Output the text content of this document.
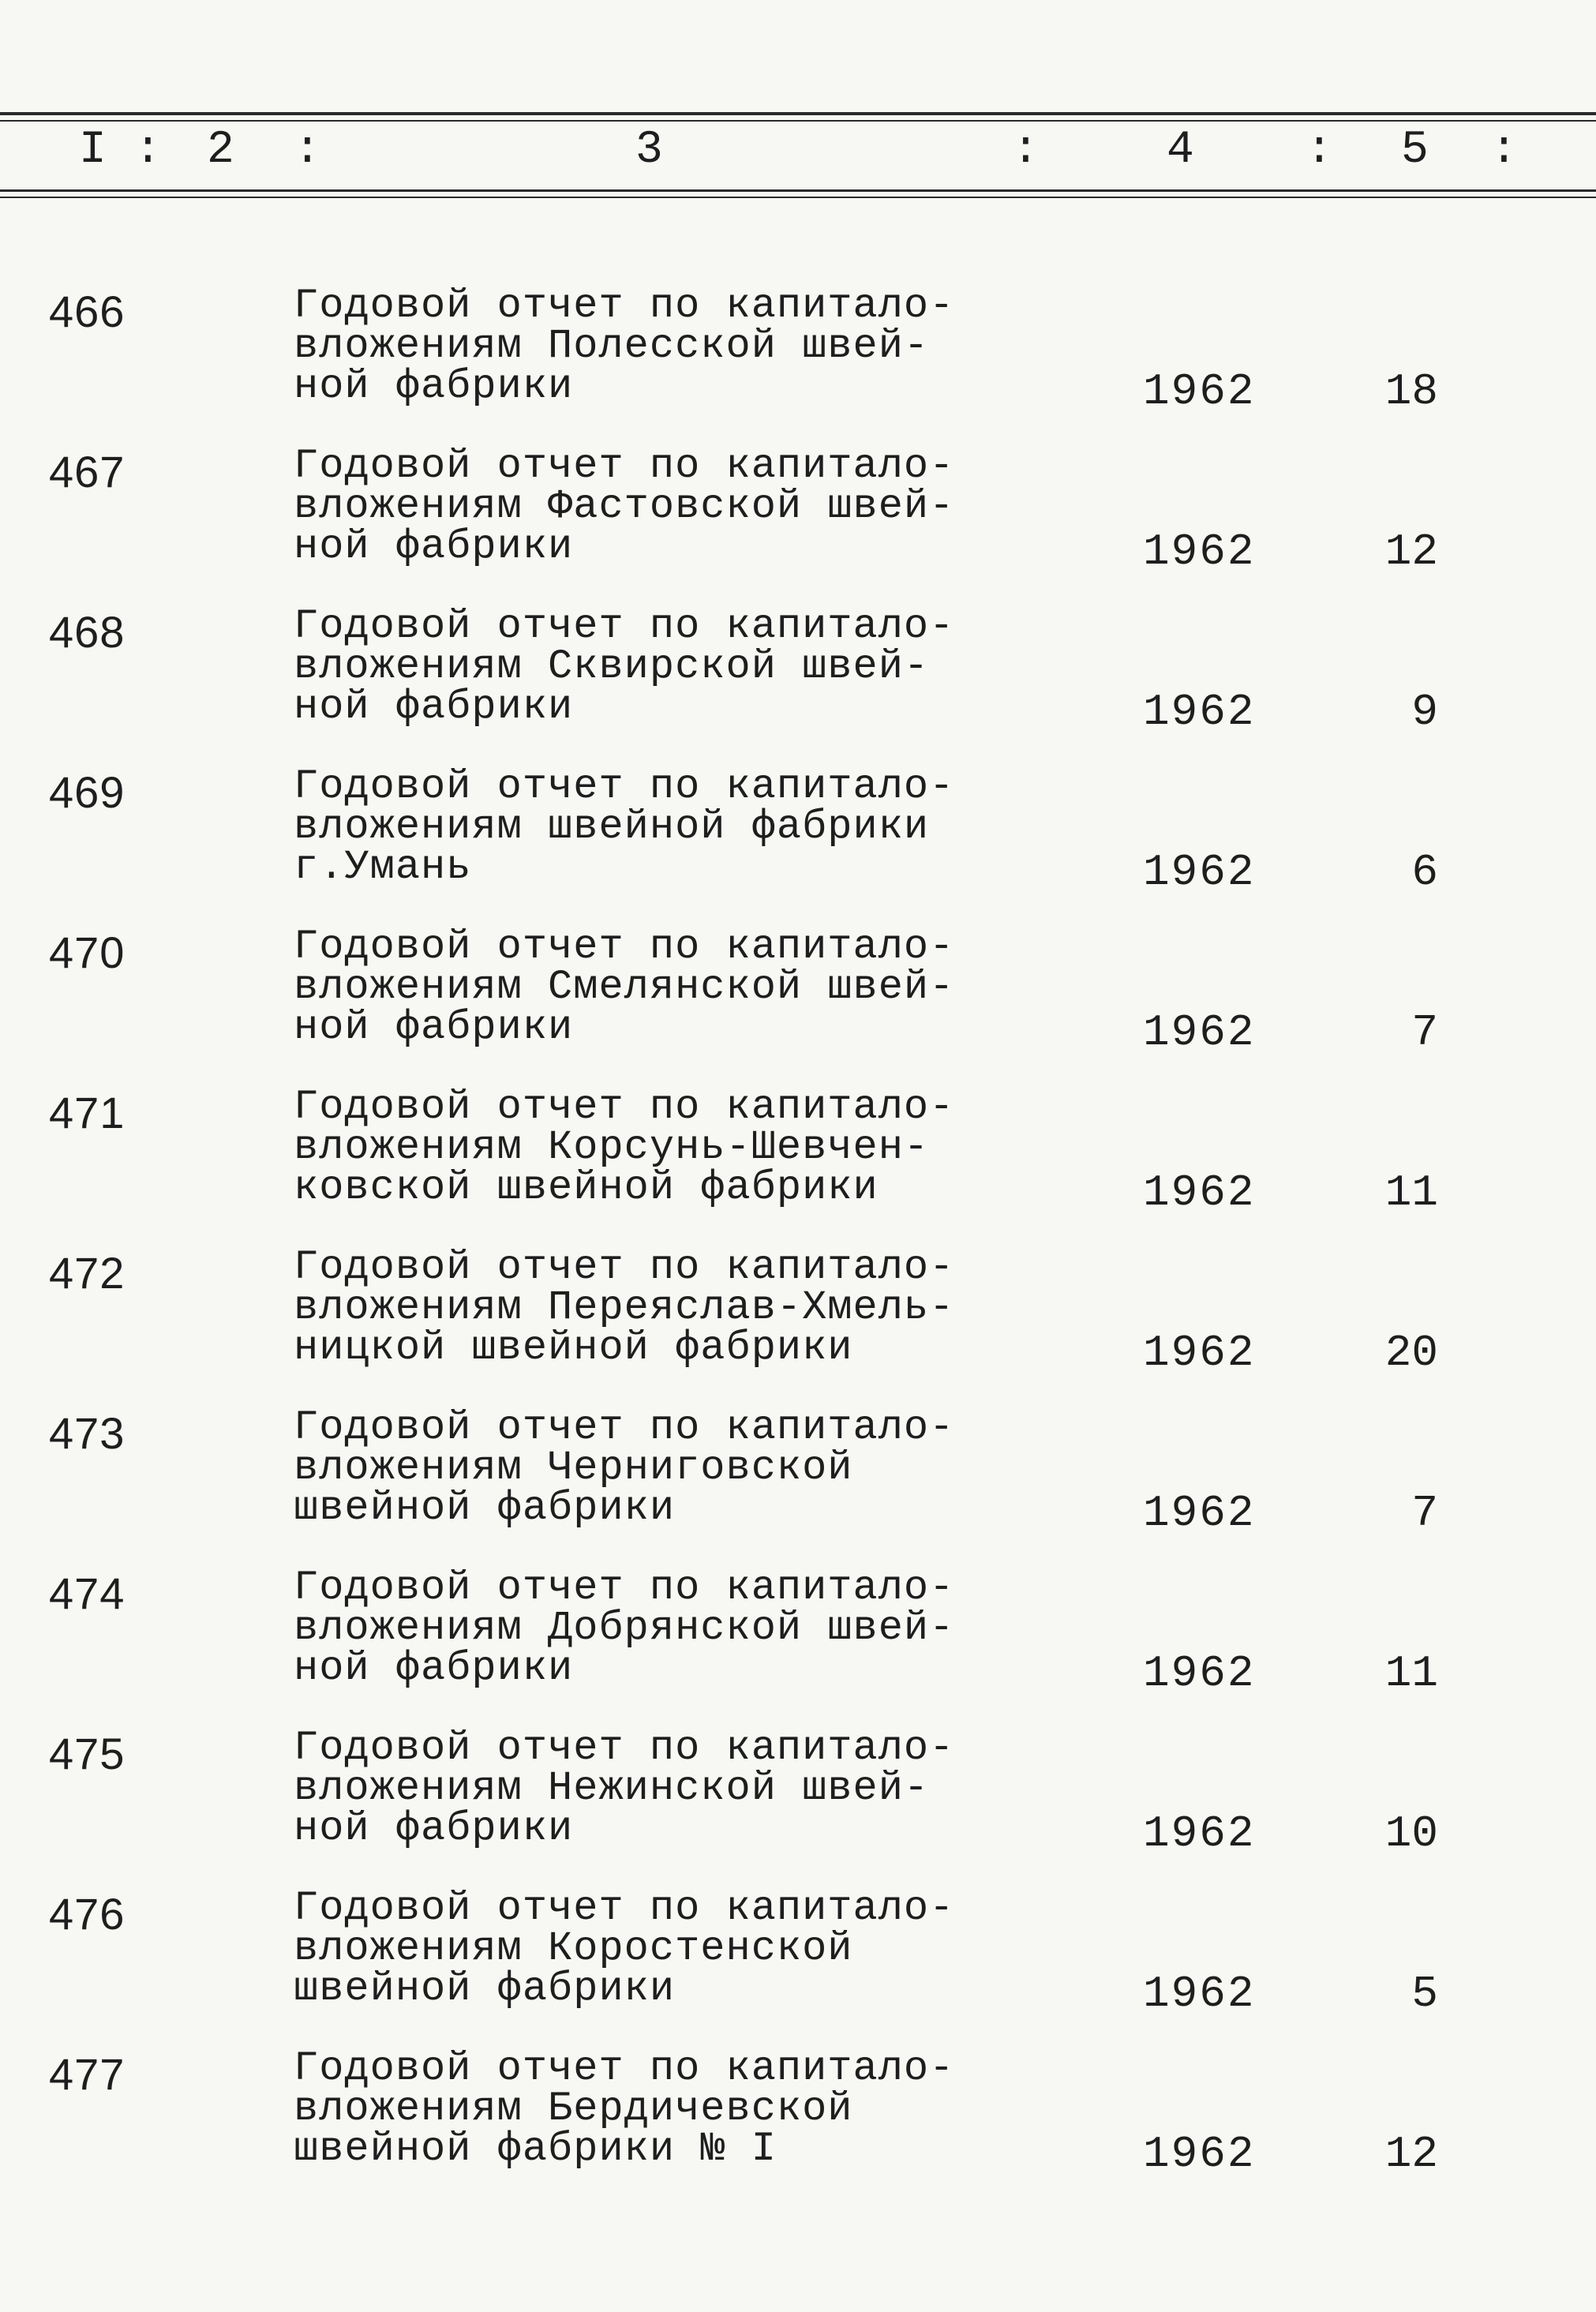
I : 2 :	3	:	4 : 5 :
466	Годовой отчет по капитало-
вложениям Полесской швей-
ной фабрики	1962	18
467	Годовой отчет по капитало-
вложениям Фастовской швей-
ной фабрики	1962	12
468	Годовой отчет по капитало-
вложениям Сквирской швей-
ной фабрики	1962	9
469	Годовой отчет по капитало-
вложениям швейной фабрики
г.Умань	1962	6
470	Годовой отчет по капитало-
вложениям Смелянской швей-
ной фабрики	1962	7
471	Годовой отчет по капитало-
вложениям Корсунь-Шевчен-
ковской швейной фабрики	1962	11
472	Годовой отчет по капитало-
вложениям Переяслав-Хмель-
ницкой швейной фабрики	1962	20
473	Годовой отчет по капитало-
вложениям Черниговской
швейной фабрики	1962	7
474	Годовой отчет по капитало-
вложениям Добрянской швей-
ной фабрики	1962	11
475	Годовой отчет по капитало-
вложениям Нежинской швей-
ной фабрики	1962	10
476	Годовой отчет по капитало-
вложениям Коростенской
швейной фабрики	1962	5
477	Годовой отчет по капитало-
вложениям Бердичевской
швейной фабрики № I	1962	12
